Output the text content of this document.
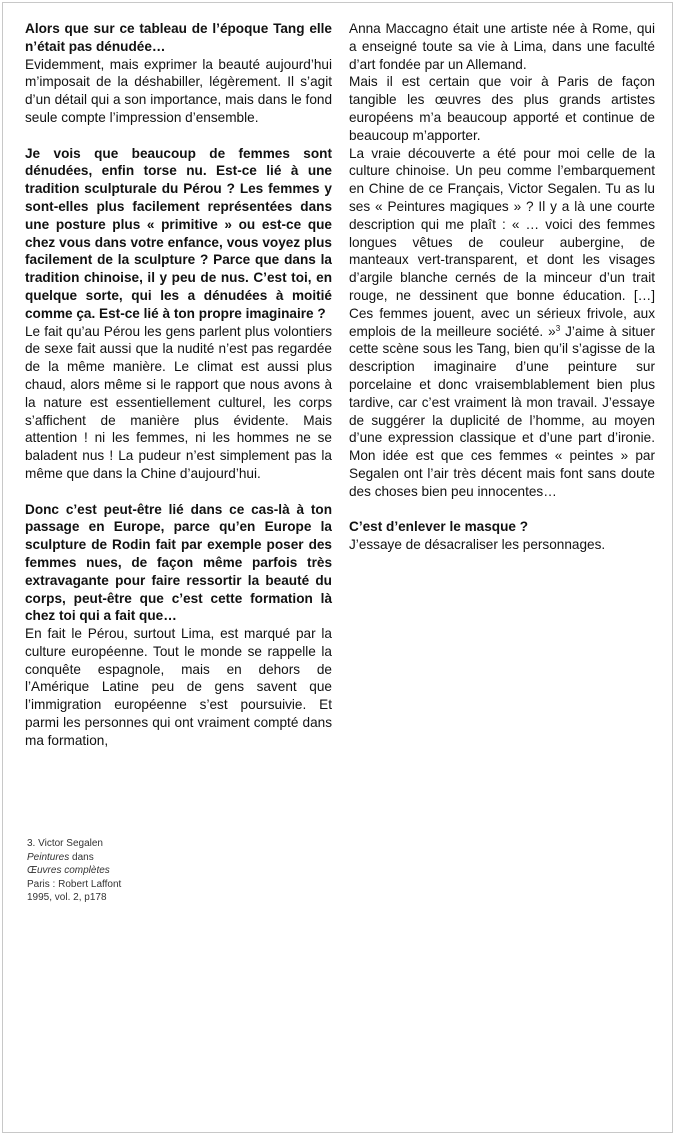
Alors que sur ce tableau de l’époque Tang elle n’était pas dénudée…

Evidemment, mais exprimer la beauté aujourd’hui m’imposait de la déshabiller, légèrement. Il s’agit d’un détail qui a son importance, mais dans le fond seule compte l’impression d’ensemble.

Je vois que beaucoup de femmes sont dénudées, enfin torse nu. Est-ce lié à une tradition sculpturale du Pérou ? Les femmes y sont-elles plus facilement représentées dans une posture plus « primitive » ou est-ce que chez vous dans votre enfance, vous voyez plus facilement de la sculpture ? Parce que dans la tradition chinoise, il y peu de nus. C’est toi, en quelque sorte, qui les a dénudées à moitié comme ça. Est-ce lié à ton propre imaginaire ?

Le fait qu’au Pérou les gens parlent plus volontiers de sexe fait aussi que la nudité n’est pas regardée de la même manière. Le climat est aussi plus chaud, alors même si le rapport que nous avons à la nature est essentiellement culturel, les corps s’affichent de manière plus évidente. Mais attention ! ni les femmes, ni les hommes ne se baladent nus ! La pudeur n’est simplement pas la même que dans la Chine d’aujourd’hui.

Donc c’est peut-être lié dans ce cas-là à ton passage en Europe, parce qu’en Europe la sculpture de Rodin fait par exemple poser des femmes nues, de façon même parfois très extravagante pour faire ressortir la beauté du corps, peut-être que c’est cette formation là chez toi qui a fait que…

En fait le Pérou, surtout Lima, est marqué par la culture européenne. Tout le monde se rappelle la conquête espagnole, mais en dehors de l’Amérique Latine peu de gens savent que l’immigration européenne s’est poursuivie. Et parmi les personnes qui ont vraiment compté dans ma formation,

Anna Maccagno était une artiste née à Rome, qui a enseigné toute sa vie à Lima, dans une faculté d’art fondée par un Allemand.

Mais il est certain que voir à Paris de façon tangible les œuvres des plus grands artistes européens m’a beaucoup apporté et continue de beaucoup m’apporter.

La vraie découverte a été pour moi celle de la culture chinoise. Un peu comme l’embarquement en Chine de ce Français, Victor Segalen. Tu as lu ses « Peintures magiques » ? Il y a là une courte description qui me plaît : « … voici des femmes longues vêtues de couleur aubergine, de manteaux vert-transparent, et dont les visages d’argile blanche cernés de la minceur d’un trait rouge, ne dessinent que bonne éducation. […] Ces femmes jouent, avec un sérieux frivole, aux emplois de la meilleure société. »$^3$ J’aime à situer cette scène sous les Tang, bien qu’il s’agisse de la description imaginaire d’une peinture sur porcelaine et donc vraisemblablement bien plus tardive, car c’est vraiment là mon travail. J’essaye de suggérer la duplicité de l’homme, au moyen d’une expression classique et d’une part d’ironie. Mon idée est que ces femmes « peintes » par Segalen ont l’air très décent mais font sans doute des choses bien peu innocentes…

C’est d’enlever le masque ?

J’essaye de désacraliser les personnages.

3. Victor Segalen
Peintures dans
Œuvres complètes
Paris : Robert Laffont
1995, vol. 2, p178
